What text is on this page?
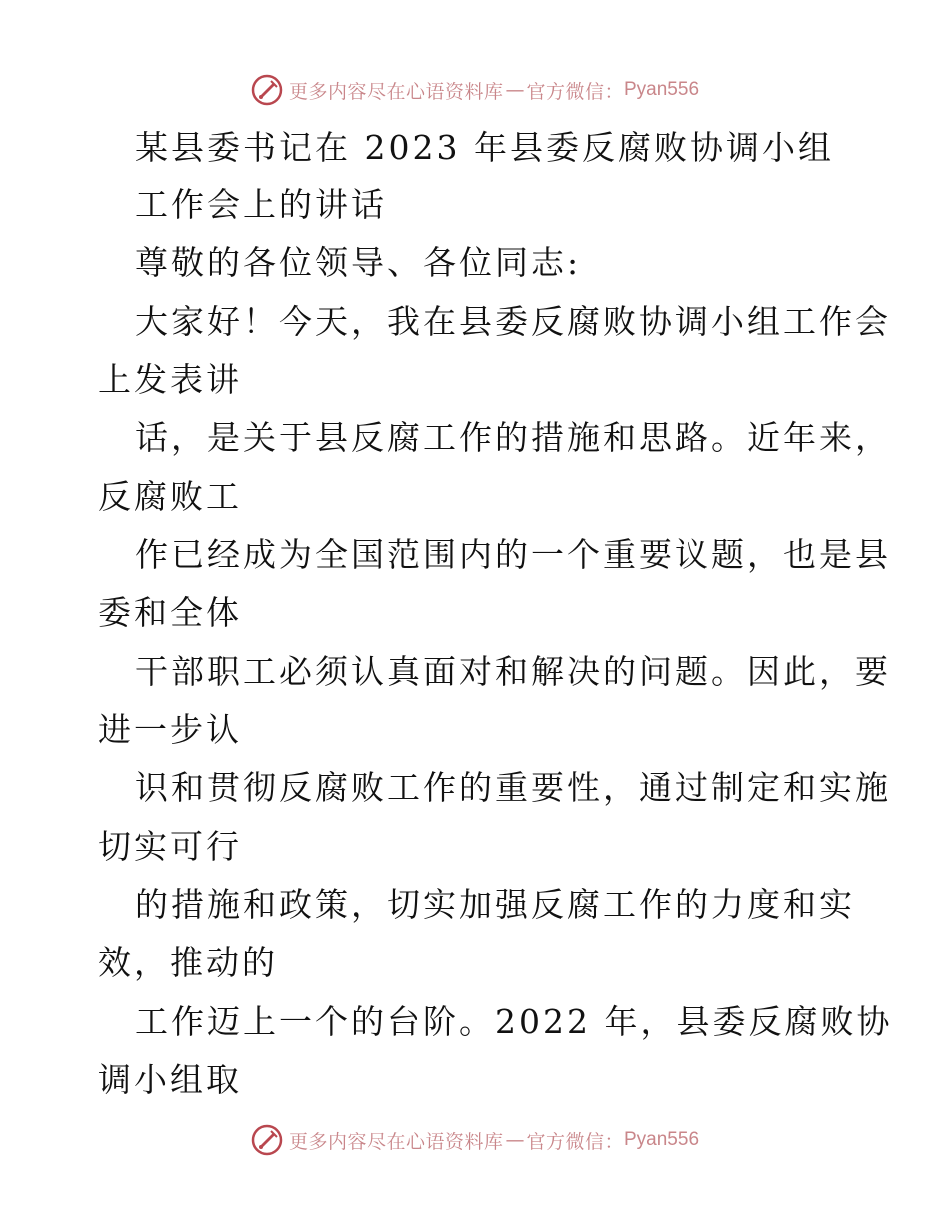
更多内容尽在心语资料库 — 官方微信： Pyan556
某县委书记在 2023 年县委反腐败协调小组
工作会上的讲话
尊敬的各位领导、各位同志:
大家好！今天，我在县委反腐败协调小组工作会
上发表讲
话，是关于县反腐工作的措施和思路。近年来，
反腐败工
作已经成为全国范围内的一个重要议题，也是县
委和全体
干部职工必须认真面对和解决的问题。因此，要
进一步认
识和贯彻反腐败工作的重要性，通过制定和实施
切实可行
的措施和政策，切实加强反腐工作的力度和实
效，推动的
工作迈上一个的台阶。2022 年，县委反腐败协
调小组取
更多内容尽在心语资料库 — 官方微信： Pyan556
